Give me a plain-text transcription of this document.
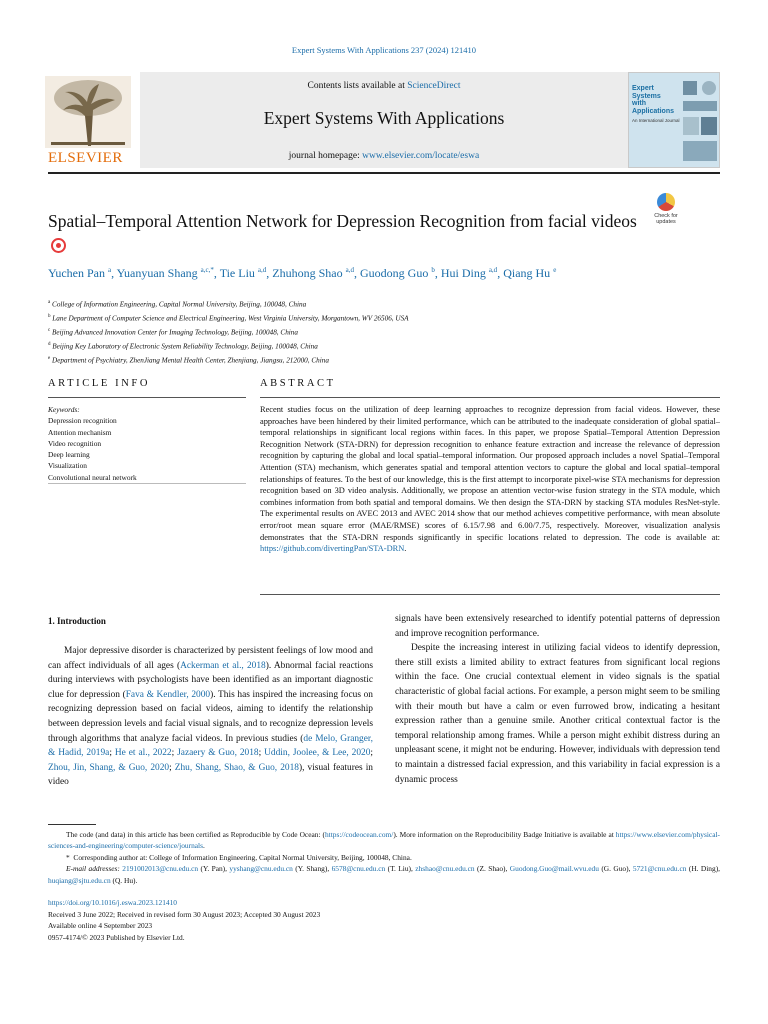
Expert Systems With Applications 237 (2024) 121410
ELSEVIER
Contents lists available at ScienceDirect
Expert Systems With Applications
journal homepage: www.elsevier.com/locate/eswa
Expert Systems with Applications
An International Journal
Spatial–Temporal Attention Network for Depression Recognition from facial videos	Check for updates
Yuchen Pan $^a$, Yuanyuan Shang $^{a,c,*}$, Tie Liu $^{a,d}$, Zhuhong Shao $^{a,d}$, Guodong Guo $^b$, Hui Ding $^{a,d}$, Qiang Hu $^e$
$^a$ College of Information Engineering, Capital Normal University, Beijing, 100048, China
$^b$ Lane Department of Computer Science and Electrical Engineering, West Virginia University, Morgantown, WV 26506, USA
$^c$ Beijing Advanced Innovation Center for Imaging Technology, Beijing, 100048, China
$^d$ Beijing Key Laboratory of Electronic System Reliability Technology, Beijing, 100048, China
$^e$ Department of Psychiatry, ZhenJiang Mental Health Center, Zhenjiang, Jiangsu, 212000, China
ARTICLE INFO	ABSTRACT
Keywords:
Depression recognition
Attention mechanism
Video recognition
Deep learning
Visualization
Convolutional neural network
Recent studies focus on the utilization of deep learning approaches to recognize depression from facial videos. However, these approaches have been hindered by their limited performance, which can be attributed to the inadequate consideration of global spatial–temporal relationships in significant local regions within faces. In this paper, we propose Spatial–Temporal Attention Depression Recognition Network (STA-DRN) for depression recognition to enhance feature extraction and increase the relevance of depression recognition by capturing the global and local spatial–temporal information. Our proposed approach includes a novel Spatial–Temporal Attention (STA) mechanism, which generates spatial and temporal attention vectors to capture the global and local spatial–temporal relationships of features. To the best of our knowledge, this is the first attempt to incorporate pixel-wise STA mechanisms for depression recognition based on 3D video analysis. Additionally, we propose an attention vector-wise fusion strategy in the STA module, which combines information from both spatial and temporal domains. We then design the STA-DRN by stacking STA modules ResNet-style. The experimental results on AVEC 2013 and AVEC 2014 show that our method achieves competitive performance, with mean absolute error/root mean square error (MAE/RMSE) scores of 6.15/7.98 and 6.00/7.75, respectively. Moreover, visualization analysis demonstrates that the STA-DRN responds significantly in specific locations related to depression. The code is available at: https://github.com/divertingPan/STA-DRN.
1. Introduction

Major depressive disorder is characterized by persistent feelings of low mood and can affect individuals of all ages (Ackerman et al., 2018). Abnormal facial reactions during interviews with psychologists have been identified as an important diagnostic clue for depression (Fava & Kendler, 2000). This has inspired the increasing focus on recognizing depression based on facial videos, aiming to identify the relationship between depression levels and facial visual signals, and to recognize depression levels through algorithms that analyze facial videos. In previous studies (de Melo, Granger, & Hadid, 2019a; He et al., 2022; Jazaery & Guo, 2018; Uddin, Joolee, & Lee, 2020; Zhou, Jin, Shang, & Guo, 2020; Zhu, Shang, Shao, & Guo, 2018), visual features in video

signals have been extensively researched to identify potential patterns of depression and improve recognition performance.

Despite the increasing interest in utilizing facial videos to identify depression, there still exists a limited ability to extract features from significant local regions within the face. One crucial contextual element in video signals is the spatial characteristic of global facial actions. For example, a person might seem to be smiling with their mouth but have a calm or even furrowed brow, indicating a hesitant expression rather than a genuine smile. Another critical contextual factor is the temporal relationship among frames. While a person might exhibit distress during an unpleasant scene, it might not be enduring. However, individuals with depression tend to maintain a distressed facial expression, and this variability in facial expression is a dynamic process

The code (and data) in this article has been certified as Reproducible by Code Ocean: (https://codeocean.com/). More information on the Reproducibility Badge Initiative is available at https://www.elsevier.com/physical-sciences-and-engineering/computer-science/journals.

* Corresponding author at: College of Information Engineering, Capital Normal University, Beijing, 100048, China.

E-mail addresses: 2191002013@cnu.edu.cn (Y. Pan), yyshang@cnu.edu.cn (Y. Shang), 6578@cnu.edu.cn (T. Liu), zhshao@cnu.edu.cn (Z. Shao), Guodong.Guo@mail.wvu.edu (G. Guo), 5721@cnu.edu.cn (H. Ding), huqiang@sjtu.edu.cn (Q. Hu).

https://doi.org/10.1016/j.eswa.2023.121410
Received 3 June 2022; Received in revised form 30 August 2023; Accepted 30 August 2023
Available online 4 September 2023
0957-4174/© 2023 Published by Elsevier Ltd.
